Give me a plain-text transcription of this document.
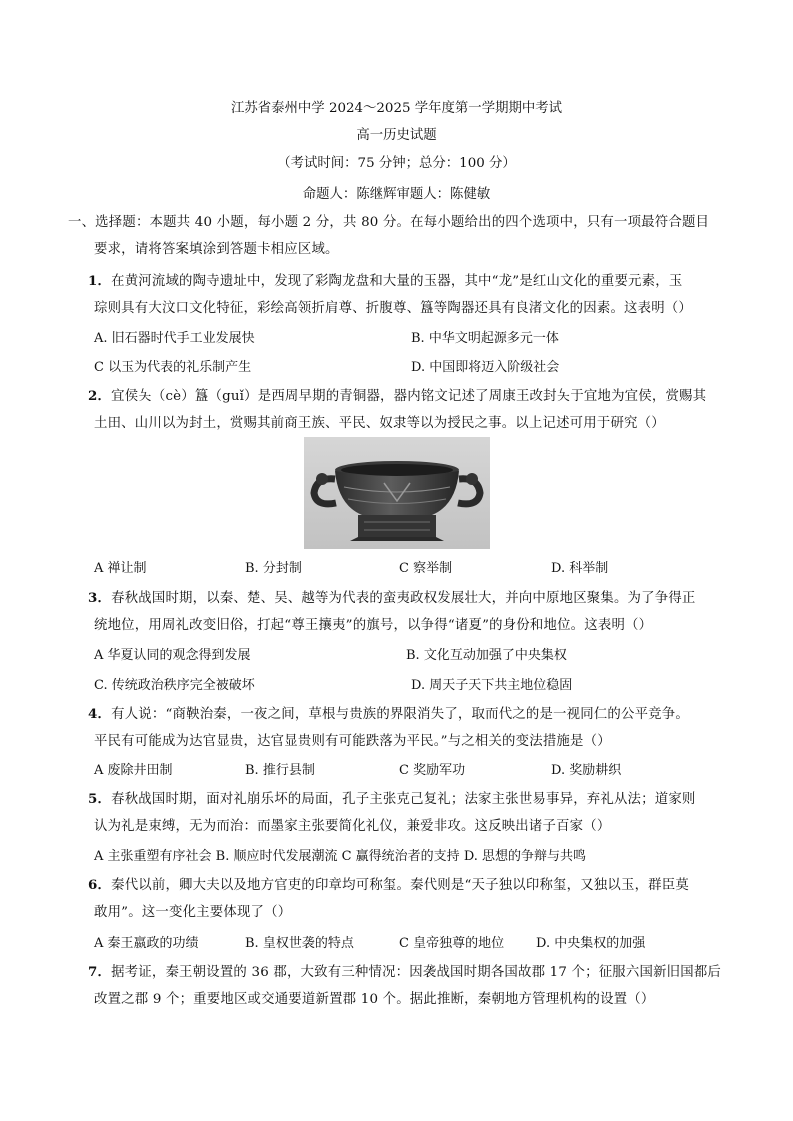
江苏省泰州中学 2024～2025 学年度第一学期期中考试
高一历史试题
（考试时间：75 分钟；总分：100 分）
命题人：陈继辉审题人：陈健敏
一、选择题：本题共 40 小题，每小题 2 分，共 80 分。在每小题给出的四个选项中，只有一项最符合题目
要求，请将答案填涂到答题卡相应区域。
1．在黄河流域的陶寺遗址中，发现了彩陶龙盘和大量的玉器，其中“龙”是红山文化的重要元素，玉
琮则具有大汶口文化特征，彩绘高领折肩尊、折腹尊、簋等陶器还具有良渚文化的因素。这表明（）
A. 旧石器时代手工业发展快	B. 中华文明起源多元一体
C 以玉为代表的礼乐制产生	D. 中国即将迈入阶级社会
2．宜侯夨（cè）簋（guǐ）是西周早期的青铜器，器内铭文记述了周康王改封夨于宜地为宜侯，赏赐其
土田、山川以为封土，赏赐其前商王族、平民、奴隶等以为授民之事。以上记述可用于研究（）
A 禅让制	B. 分封制	C 察举制	D. 科举制
3．春秋战国时期，以秦、楚、吴、越等为代表的蛮夷政权发展壮大，并向中原地区聚集。为了争得正
统地位，用周礼改变旧俗，打起“尊王攘夷”的旗号，以争得“诸夏”的身份和地位。这表明（）
A 华夏认同的观念得到发展	B. 文化互动加强了中央集权
C. 传统政治秩序完全被破坏	D. 周天子天下共主地位稳固
4．有人说：“商鞅治秦，一夜之间，草根与贵族的界限消失了，取而代之的是一视同仁的公平竞争。
平民有可能成为达官显贵，达官显贵则有可能跌落为平民。”与之相关的变法措施是（）
A 废除井田制	B. 推行县制	C 奖励军功	D. 奖励耕织
5．春秋战国时期，面对礼崩乐坏的局面，孔子主张克己复礼；法家主张世易事异，弃礼从法；道家则
认为礼是束缚，无为而治：而墨家主张要简化礼仪，兼爱非攻。这反映出诸子百家（）
A 主张重塑有序社会 B. 顺应时代发展潮流 C 赢得统治者的支持 D. 思想的争辩与共鸣
6．秦代以前，卿大夫以及地方官吏的印章均可称玺。秦代则是“天子独以印称玺，又独以玉，群臣莫
敢用”。这一变化主要体现了（）
A 秦王嬴政的功绩	B. 皇权世袭的特点	C 皇帝独尊的地位 D. 中央集权的加强
7．据考证，秦王朝设置的 36 郡，大致有三种情况：因袭战国时期各国故郡 17 个；征服六国新旧国都后
改置之郡 9 个；重要地区或交通要道新置郡 10 个。据此推断，秦朝地方管理机构的设置（）
